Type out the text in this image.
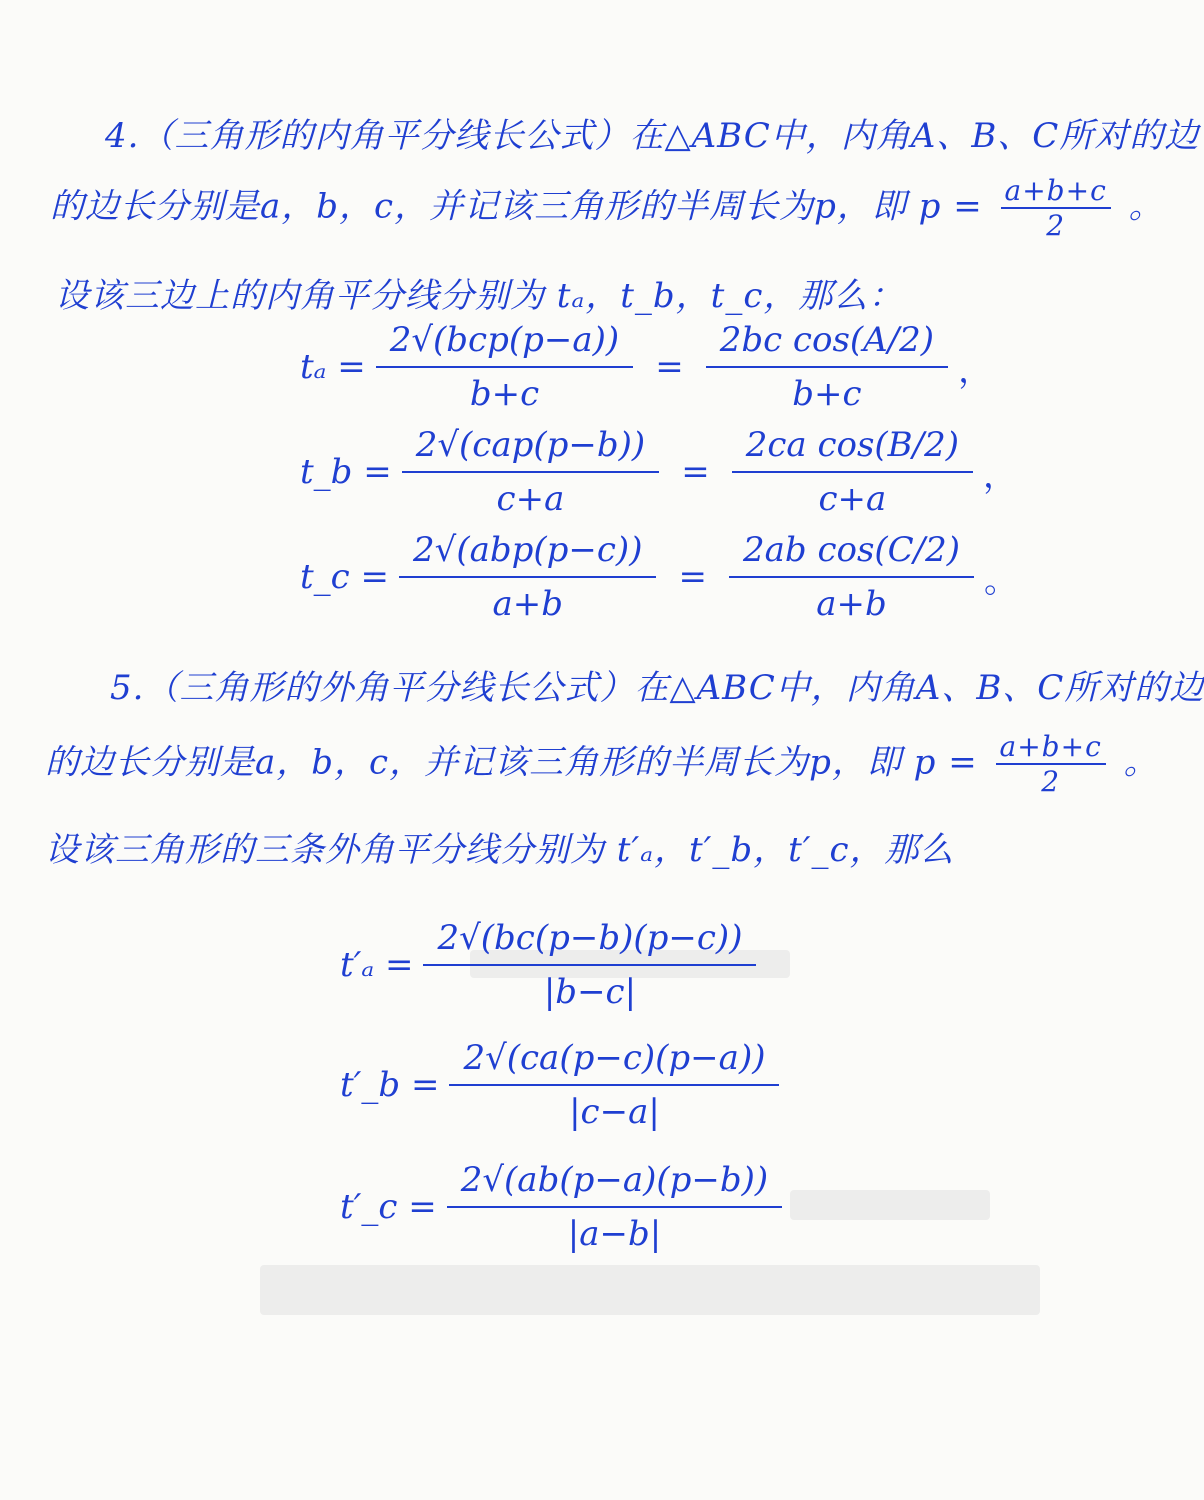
4.（三角形的内角平分线长公式）在△ABC中，内角A、B、C所对的边
的边长分别是a，b，c，并记该三角形的半周长为p，即 $p = \frac{a+b+c}{2}$ 。
设该三边上的内角平分线分别为 tₐ，t_b，t_c，那么：
$t_a = \frac{\text{2√(bcp(p−a))}}{b+c} = \frac{\text{2bc cos(A/2)}}{b+c}$ ，
t_b = $\frac{\text{2√(cap(p−b))}}{c+a} = \frac{\text{2ca cos(B/2)}}{c+a}$ ，
t_c = $\frac{\text{2√(abp(p−c))}}{a+b} = \frac{\text{2ab cos(C/2)}}{a+b}$ 。
5.（三角形的外角平分线长公式）在△ABC中，内角A、B、C所对的边
的边长分别是a，b，c，并记该三角形的半周长为p，即 $p = \frac{a+b+c}{2}$ 。
设该三角形的三条外角平分线分别为 t′ₐ，t′_b，t′_c，那么
$t'_a = \frac{2√(bc(p-b)(p-c))}{|b-c|}$
t′_b = $\frac{2√(ca(p-c)(p-a))}{|c-a|}$
t′_c = $\frac{2√(ab(p-a)(p-b))}{|a-b|}$
